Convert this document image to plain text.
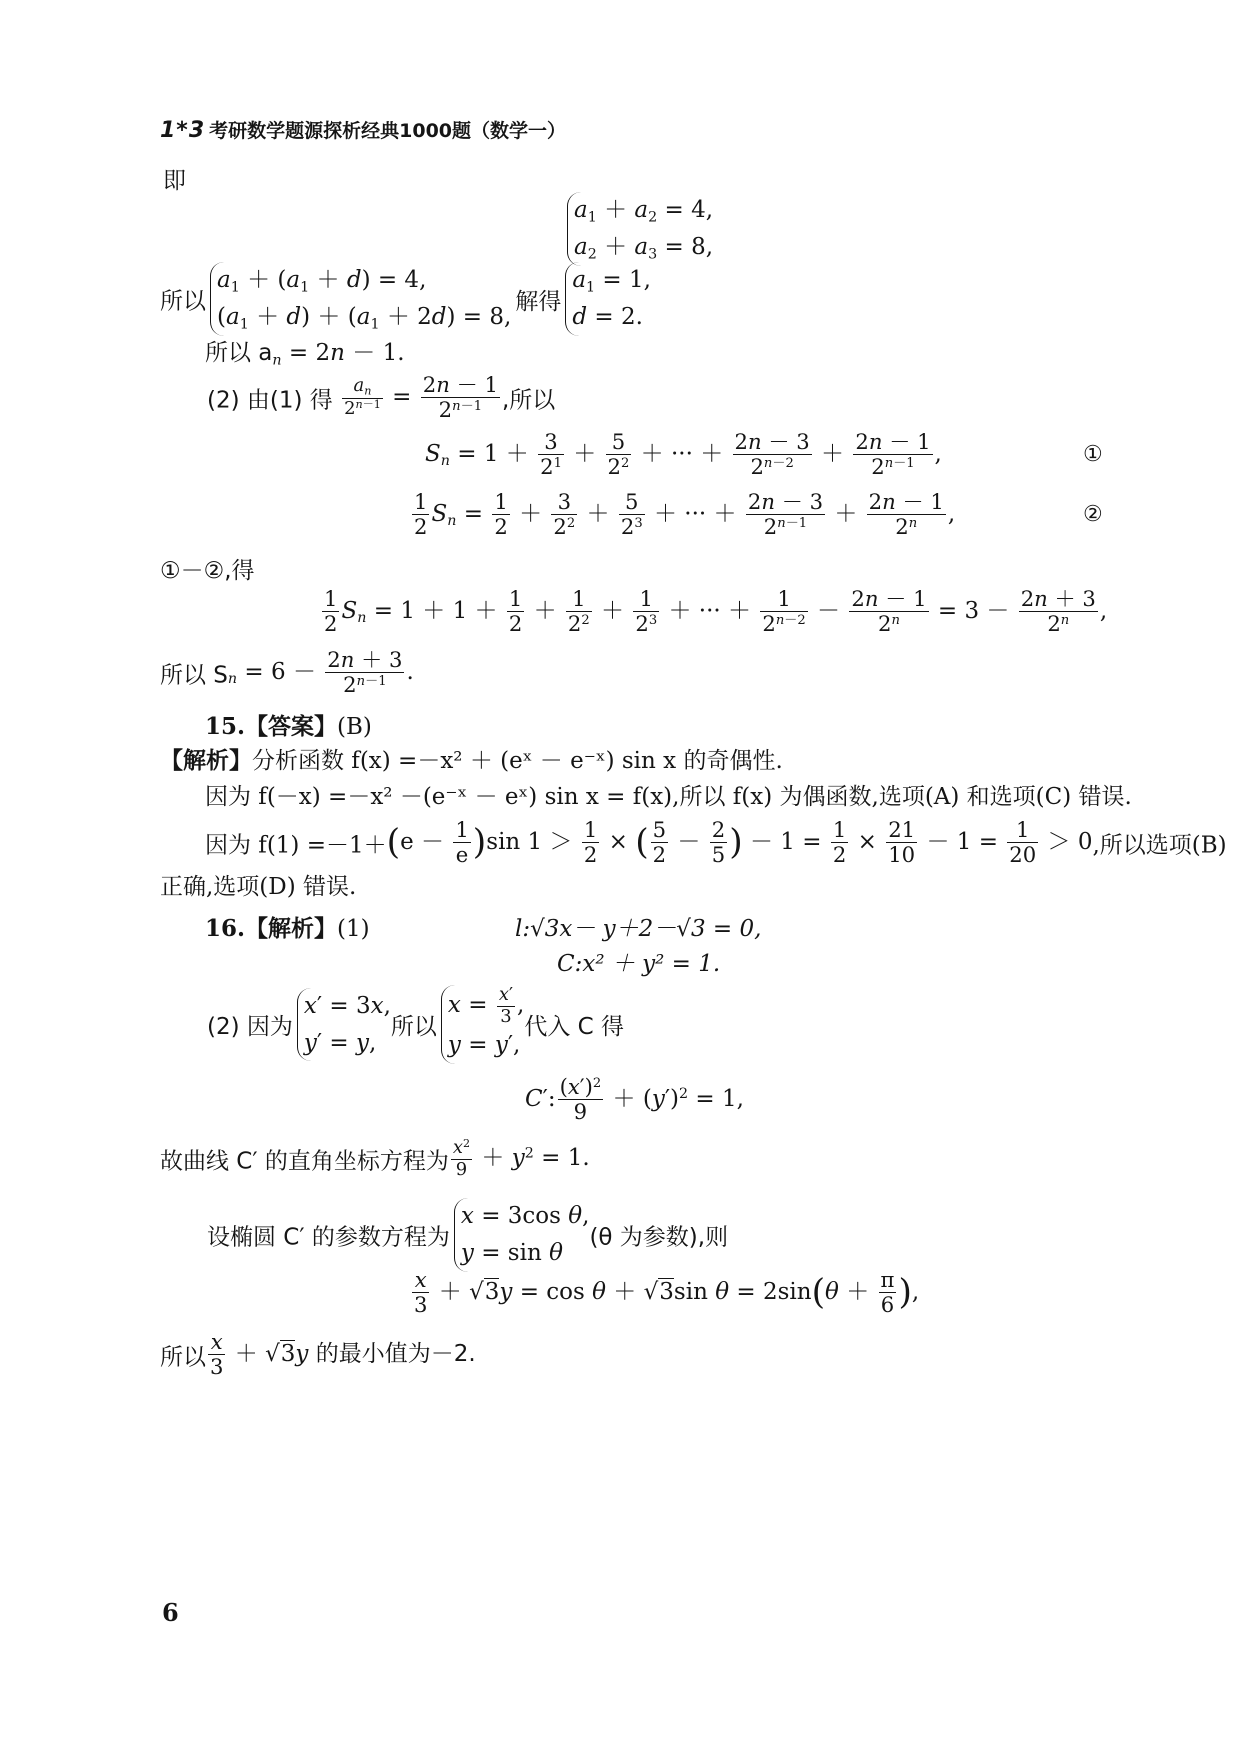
1*3 考研数学题源探析经典1000题（数学一）
即
$a_1 + a_2 = 4$,
$a_2 + a_3 = 8$,
所以
$a_1 + (a_1 + d) = 4$,
$(a_1 + d) + (a_1 + 2d) = 8$,
解得
$a_1 = 1$,
d = 2.
所以 $a_n = 2n - 1$.
(2) 由(1) 得 $\frac{a_n}{2^{n-1}} = \frac{2n - 1}{2^{n-1}}$ ,所以
$S_n = 1 + \frac{3}{2^1} + \frac{5}{2^2}$ ＋ ··· ＋ $\frac{2n - 3}{2^{n-2}} + \frac{2n - 1}{2^{n-1}}$ ,	①
$\frac{1}{2} S_n = \frac{1}{2} + \frac{3}{2^2} + \frac{5}{2^3}$ ＋ ··· ＋ $\frac{2n - 3}{2^{n-1}} + \frac{2n - 1}{2^n}$ ,	②
①－②,得
$\frac{1}{2} S_n = 1 + 1 + \frac{1}{2} + \frac{1}{2^2} + \frac{1}{2^3}$ ＋ ··· ＋ $\frac{1}{2^{n-2}} - \frac{2n - 1}{2^n} = 3 - \frac{2n + 3}{2^n}$ ,
所以 $S_n = 6 - \frac{2n + 3}{2^{n-1}}$ .
15.【答案】(B)
【解析】分析函数 f(x) =－x² ＋ (eˣ － e⁻ˣ) sin x 的奇偶性.
因为 f(－x) =－x² －(e⁻ˣ － eˣ) sin x = f(x),所以 f(x) 为偶函数,选项(A) 和选项(C) 错误.
因为 $f(1) =-1+(e - \frac{1}{e} )\sin$ $1 > \frac{1}{2}$ × ( $\frac{5}{2} - \frac{2}{5}$ ) － $1 = \frac{1}{2} \times \frac{21}{10} - 1 = \frac{1}{20} > 0$,所以选项(B)
正确,选项(D) 错误.
16.【解析】(1)	l:√3x－ y＋2－√3 = 0,
C:x² ＋ y² = 1.
(2) 因为
x′ = 3x,
y′ = y,
所以
$x = \frac{x'}{3}$ ,
y = y′,
代入 C 得
C′: $\frac{(x')^2}{9} + (y')^2 = 1$,
故曲线 C′ 的直角坐标方程为 $\frac{x^2}{9} + y^2 = 1$.
设椭圆 C′ 的参数方程为
x = 3cos θ,
y = sin θ
(θ 为参数),则
$\frac{x}{3} + √3y = \cos \theta + √3\sin$ $\theta = 2\sin(\theta + \frac{\pi}{6}$ ),
所以 $\frac{x}{3} + √3y$ 的最小值为－2.
6
